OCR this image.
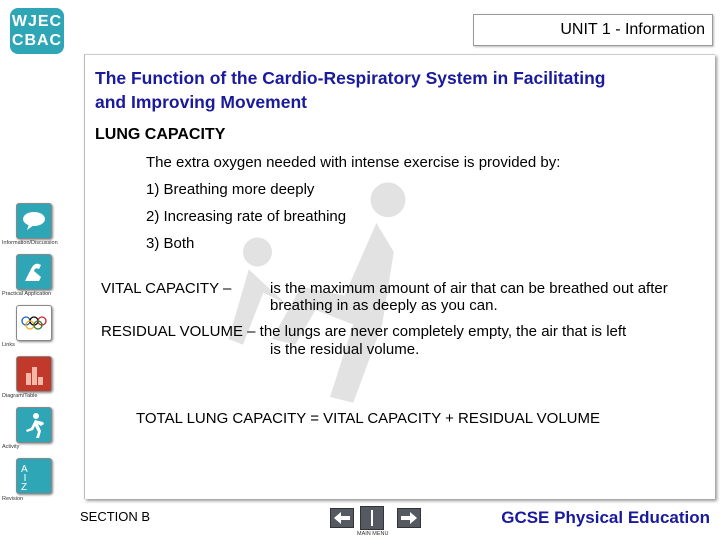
WJEC
CBAC
UNIT 1 - Information
The Function of the Cardio-Respiratory System in Facilitating and Improving Movement
LUNG CAPACITY
The extra oxygen needed with intense exercise is provided by:
1) Breathing more deeply
2) Increasing rate of breathing
3) Both
VITAL CAPACITY –	is the maximum amount of air that can be breathed out after breathing in as deeply as you can.
RESIDUAL VOLUME – the lungs are never completely empty, the air that is left
is the residual volume.
TOTAL LUNG CAPACITY = VITAL CAPACITY + RESIDUAL VOLUME
Information/Discussion
Practical Application
Links
Diagram/Table
Activity
A
Z
Revision
SECTION B
MAIN MENU
GCSE Physical Education
